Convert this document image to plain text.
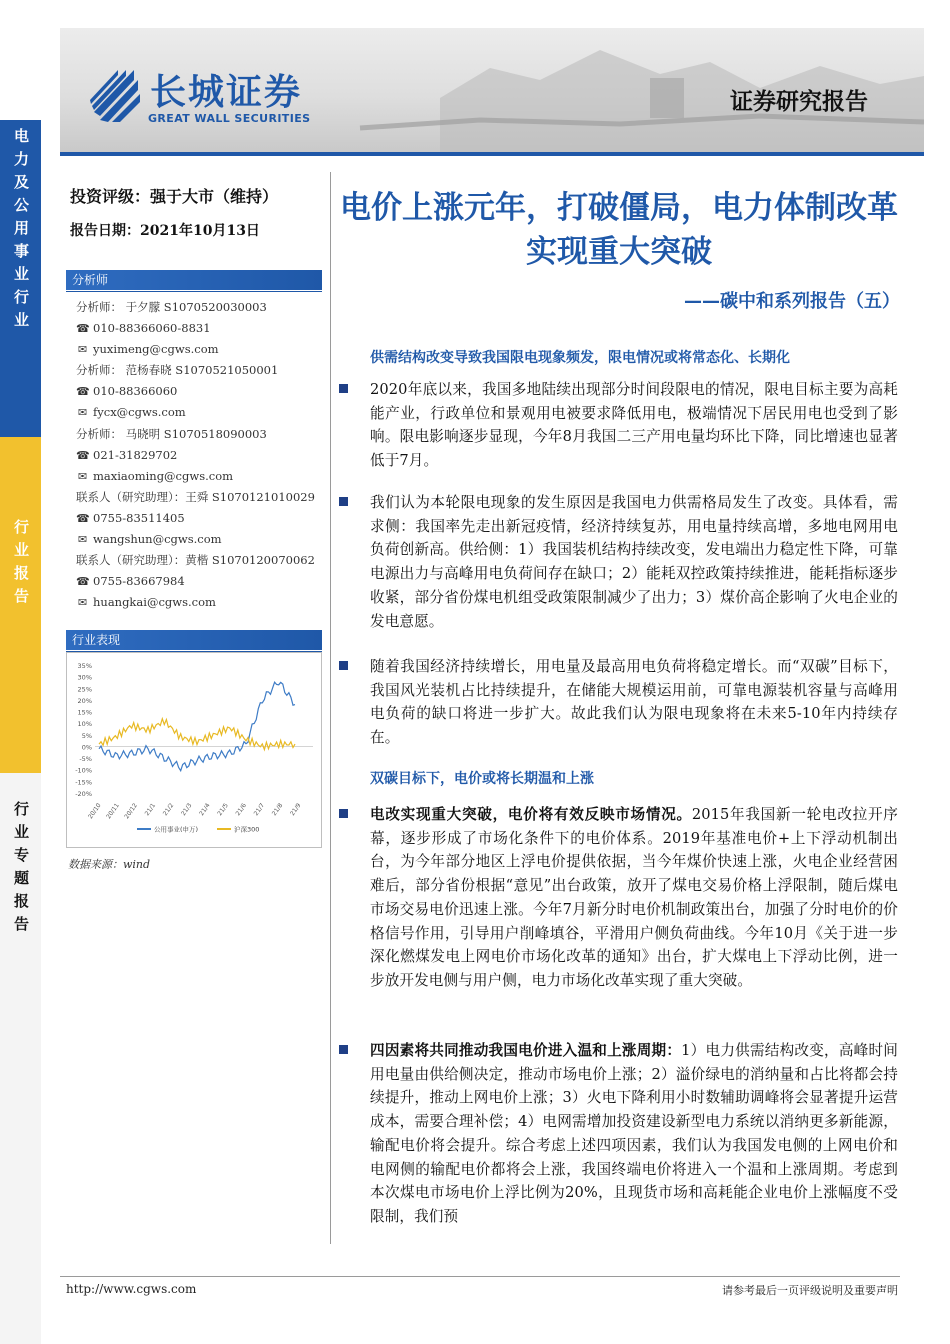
电力及公用事业行业
行业报告
行业专题报告
长城证券
GREAT WALL SECURITIES
证券研究报告
投资评级：强于大市（维持）
报告日期：2021年10月13日
分析师
分析师： 于夕朦 S1070520030003
☎ 010-88366060-8831
✉ yuximeng@cgws.com
分析师： 范杨春晓 S1070521050001
☎ 010-88366060
✉ fycx@cgws.com
分析师： 马晓明 S1070518090003
☎ 021-31829702
✉ maxiaoming@cgws.com
联系人（研究助理）：王舜 S1070121010029
☎ 0755-83511405
✉ wangshun@cgws.com
联系人（研究助理）：黄楷 S1070120070062
☎ 0755-83667984
✉ huangkai@cgws.com
行业表现
35%
30%
25%
20%
15%
10%
5%
0%
-5%
-10%
-15%
-20%
20/10 20/11 20/12 21/1 21/2 21/3 21/4 21/5 21/6 21/7 21/8 21/9
公用事业(申万)	沪深300
数据来源：wind
电价上涨元年，打破僵局，电力体制改革实现重大突破
——碳中和系列报告（五）
供需结构改变导致我国限电现象频发，限电情况或将常态化、长期化
2020年底以来，我国多地陆续出现部分时间段限电的情况，限电目标主要为高耗能产业，行政单位和景观用电被要求降低用电，极端情况下居民用电也受到了影响。限电影响逐步显现，今年8月我国二三产用电量均环比下降，同比增速也显著低于7月。
我们认为本轮限电现象的发生原因是我国电力供需格局发生了改变。具体看，需求侧：我国率先走出新冠疫情，经济持续复苏，用电量持续高增，多地电网用电负荷创新高。供给侧：1）我国装机结构持续改变，发电端出力稳定性下降，可靠电源出力与高峰用电负荷间存在缺口；2）能耗双控政策持续推进，能耗指标逐步收紧，部分省份煤电机组受政策限制减少了出力；3）煤价高企影响了火电企业的发电意愿。
随着我国经济持续增长，用电量及最高用电负荷将稳定增长。而“双碳”目标下，我国风光装机占比持续提升，在储能大规模运用前，可靠电源装机容量与高峰用电负荷的缺口将进一步扩大。故此我们认为限电现象将在未来5-10年内持续存在。
双碳目标下，电价或将长期温和上涨
电改实现重大突破，电价将有效反映市场情况。2015年我国新一轮电改拉开序幕，逐步形成了市场化条件下的电价体系。2019年基准电价+上下浮动机制出台，为今年部分地区上浮电价提供依据，当今年煤价快速上涨，火电企业经营困难后，部分省份根据“意见”出台政策，放开了煤电交易价格上浮限制，随后煤电市场交易电价迅速上涨。今年7月新分时电价机制政策出台，加强了分时电价的价格信号作用，引导用户削峰填谷，平滑用户侧负荷曲线。今年10月《关于进一步深化燃煤发电上网电价市场化改革的通知》出台，扩大煤电上下浮动比例，进一步放开发电侧与用户侧，电力市场化改革实现了重大突破。
四因素将共同推动我国电价进入温和上涨周期：1）电力供需结构改变，高峰时间用电量由供给侧决定，推动市场电价上涨；2）溢价绿电的消纳量和占比将都会持续提升，推动上网电价上涨；3）火电下降利用小时数辅助调峰将会显著提升运营成本，需要合理补偿；4）电网需增加投资建设新型电力系统以消纳更多新能源，输配电价将会提升。综合考虑上述四项因素，我们认为我国发电侧的上网电价和电网侧的输配电价都将会上涨，我国终端电价将进入一个温和上涨周期。考虑到本次煤电市场电价上浮比例为20%，且现货市场和高耗能企业电价上涨幅度不受限制，我们预
http://www.cgws.com	请参考最后一页评级说明及重要声明
